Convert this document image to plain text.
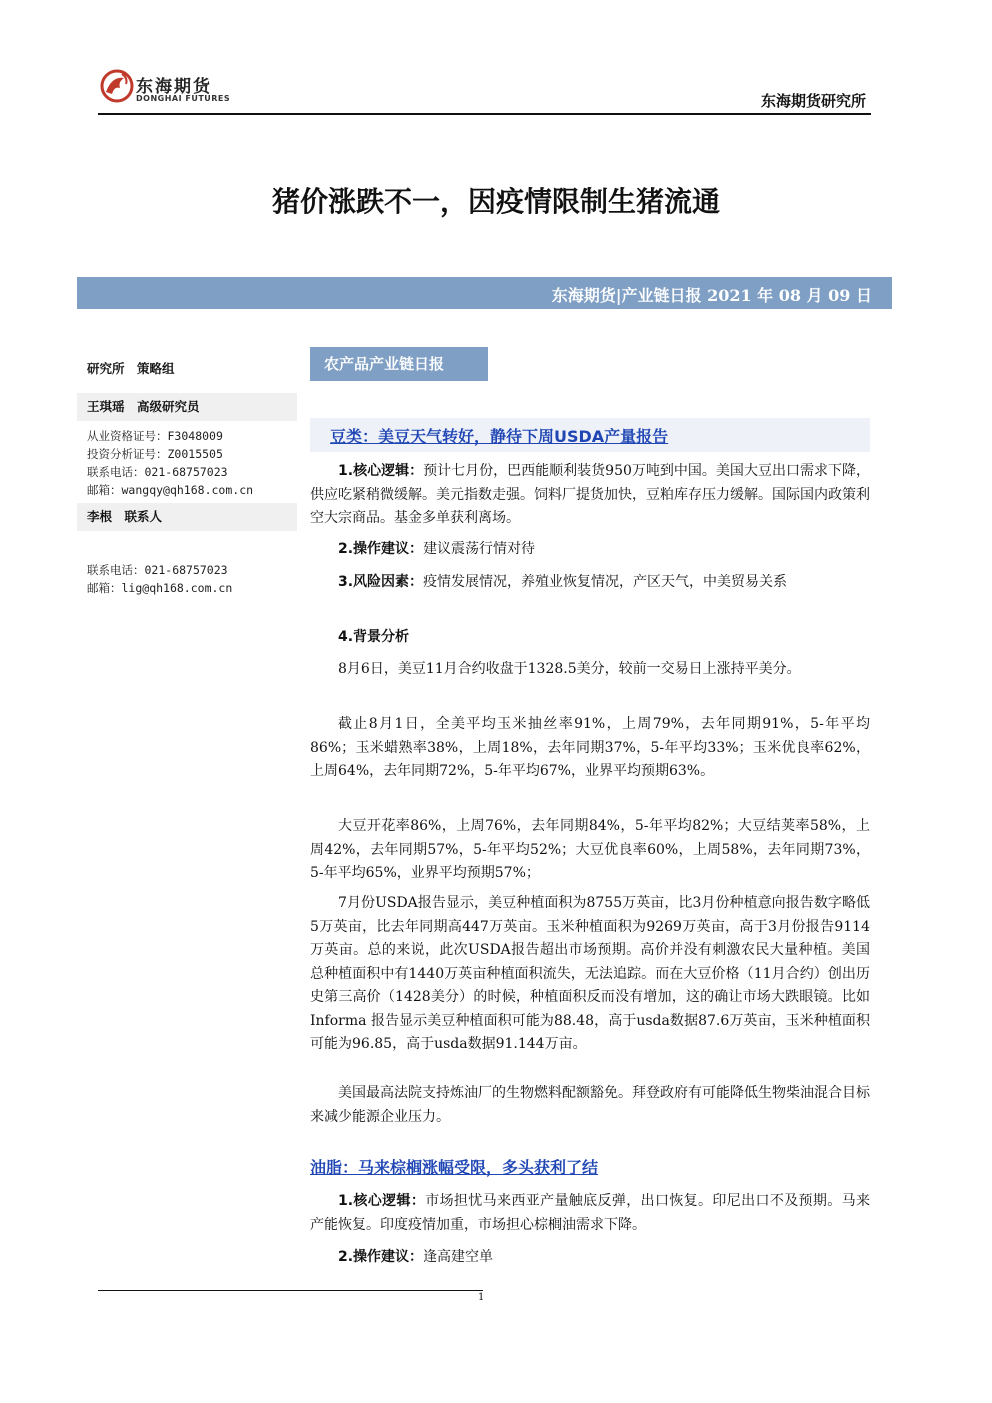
东海期货
DONGHAI FUTURES	东海期货研究所
猪价涨跌不一，因疫情限制生猪流通
东海期货|产业链日报 2021 年 08 月 09 日
研究所　策略组
王琪瑶　高级研究员
从业资格证号：F3048009
投资分析证号：Z0015505
联系电话：021-68757023
邮箱：wangqy@qh168.com.cn
李根　联系人
联系电话：021-68757023
邮箱：lig@qh168.com.cn
农产品产业链日报
豆类：美豆天气转好，静待下周USDA产量报告
1.核心逻辑：预计七月份，巴西能顺利装货950万吨到中国。美国大豆出口需求下降，供应吃紧稍微缓解。美元指数走强。饲料厂提货加快，豆粕库存压力缓解。国际国内政策利空大宗商品。基金多单获利离场。
2.操作建议：建议震荡行情对待
3.风险因素：疫情发展情况，养殖业恢复情况，产区天气，中美贸易关系
4.背景分析
8月6日，美豆11月合约收盘于1328.5美分，较前一交易日上涨持平美分。
截止8月1日，全美平均玉米抽丝率91%，上周79%，去年同期91%，5-年平均86%；玉米蜡熟率38%，上周18%，去年同期37%，5-年平均33%；玉米优良率62%，上周64%，去年同期72%，5-年平均67%，业界平均预期63%。
大豆开花率86%，上周76%，去年同期84%，5-年平均82%；大豆结荚率58%，上周42%，去年同期57%，5-年平均52%；大豆优良率60%，上周58%，去年同期73%，5-年平均65%，业界平均预期57%；
7月份USDA报告显示，美豆种植面积为8755万英亩，比3月份种植意向报告数字略低5万英亩，比去年同期高447万英亩。玉米种植面积为9269万英亩，高于3月份报告9114万英亩。总的来说，此次USDA报告超出市场预期。高价并没有刺激农民大量种植。美国总种植面积中有1440万英亩种植面积流失，无法追踪。而在大豆价格（11月合约）创出历史第三高价（1428美分）的时候，种植面积反而没有增加，这的确让市场大跌眼镜。比如Informa 报告显示美豆种植面积可能为88.48，高于usda数据87.6万英亩，玉米种植面积可能为96.85，高于usda数据91.144万亩。
美国最高法院支持炼油厂的生物燃料配额豁免。拜登政府有可能降低生物柴油混合目标来减少能源企业压力。
油脂：马来棕榈涨幅受限，多头获利了结
1.核心逻辑：市场担忧马来西亚产量触底反弹，出口恢复。印尼出口不及预期。马来产能恢复。印度疫情加重，市场担心棕榈油需求下降。
2.操作建议：逢高建空单
1
